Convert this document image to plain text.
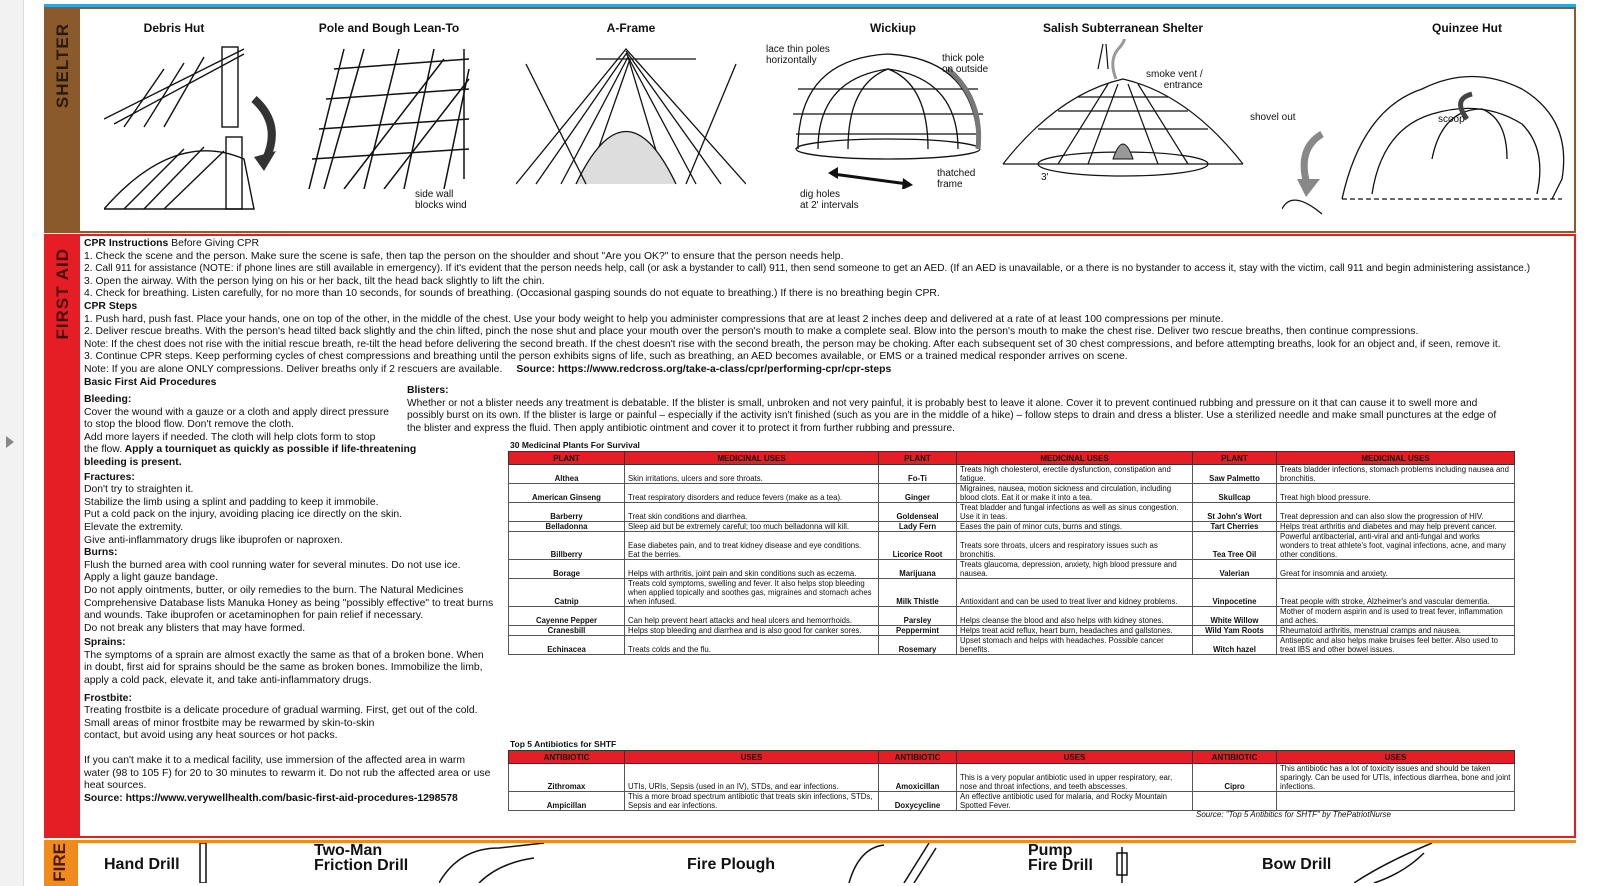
SHELTER	Debris Hut
side wall
blocks wind
Pole and Bough Lean-To	A-Frame	Wickiup
lace thin poles
horizontally	thick pole
on outside
thatched
frame
dig holes
at 2' intervals
Salish Subterranean Shelter
smoke vent /
entrance
3'
Quinzee Hut
shovel out	scoop
FIRST AID
CPR Instructions Before Giving CPR
1. Check the scene and the person. Make sure the scene is safe, then tap the person on the shoulder and shout "Are you OK?" to ensure that the person needs help.
2. Call 911 for assistance (NOTE: if phone lines are still available in emergency). If it's evident that the person needs help, call (or ask a bystander to call) 911, then send someone to get an AED. (If an AED is unavailable, or a there is no bystander to access it, stay with the victim, call 911 and begin administering assistance.)
3. Open the airway. With the person lying on his or her back, tilt the head back slightly to lift the chin.
4. Check for breathing. Listen carefully, for no more than 10 seconds, for sounds of breathing. (Occasional gasping sounds do not equate to breathing.) If there is no breathing begin CPR.
CPR Steps
1. Push hard, push fast. Place your hands, one on top of the other, in the middle of the chest. Use your body weight to help you administer compressions that are at least 2 inches deep and delivered at a rate of at least 100 compressions per minute.
2. Deliver rescue breaths. With the person's head tilted back slightly and the chin lifted, pinch the nose shut and place your mouth over the person's mouth to make a complete seal. Blow into the person's mouth to make the chest rise. Deliver two rescue breaths, then continue compressions.
Note: If the chest does not rise with the initial rescue breath, re-tilt the head before delivering the second breath. If the chest doesn't rise with the second breath, the person may be choking. After each subsequent set of 30 chest compressions, and before attempting breaths, look for an object and, if seen, remove it.
3. Continue CPR steps. Keep performing cycles of chest compressions and breathing until the person exhibits signs of life, such as breathing, an AED becomes available, or EMS or a trained medical responder arrives on scene.
Note: If you are alone ONLY compressions. Deliver breaths only if 2 rescuers are available. Source: https://www.redcross.org/take-a-class/cpr/performing-cpr/cpr-steps
Basic First Aid Procedures
Bleeding:
Cover the wound with a gauze or a cloth and apply direct pressure
to stop the blood flow. Don't remove the cloth.
Add more layers if needed. The cloth will help clots form to stop
the flow. Apply a tourniquet as quickly as possible if life-threatening
bleeding is present.
Fractures:
Don't try to straighten it.
Stabilize the limb using a splint and padding to keep it immobile.
Put a cold pack on the injury, avoiding placing ice directly on the skin.
Elevate the extremity.
Give anti-inflammatory drugs like ibuprofen or naproxen.
Burns:
Flush the burned area with cool running water for several minutes. Do not use ice.
Apply a light gauze bandage.
Do not apply ointments, butter, or oily remedies to the burn. The Natural Medicines
Comprehensive Database lists Manuka Honey as being "possibly effective" to treat burns
and wounds. Take ibuprofen or acetaminophen for pain relief if necessary.
Do not break any blisters that may have formed.
Sprains:
The symptoms of a sprain are almost exactly the same as that of a broken bone. When
in doubt, first aid for sprains should be the same as broken bones. Immobilize the limb,
apply a cold pack, elevate it, and take anti-inflammatory drugs.
Frostbite:
Treating frostbite is a delicate procedure of gradual warming. First, get out of the cold.
Small areas of minor frostbite may be rewarmed by skin-to-skin
contact, but avoid using any heat sources or hot packs.
If you can't make it to a medical facility, use immersion of the affected area in warm
water (98 to 105 F) for 20 to 30 minutes to rewarm it. Do not rub the affected area or use
heat sources.
Source: https://www.verywellhealth.com/basic-first-aid-procedures-1298578
Blisters:
Whether or not a blister needs any treatment is debatable. If the blister is small, unbroken and not very painful, it is probably best to leave it alone. Cover it to prevent continued rubbing and pressure on it that can cause it to swell more and
possibly burst on its own. If the blister is large or painful – especially if the activity isn't finished (such as you are in the middle of a hike) – follow steps to drain and dress a blister. Use a sterilized needle and make small punctures at the edge of
the blister and express the fluid. Then apply antibiotic ointment and cover it to protect it from further rubbing and pressure.
30 Medicinal Plants For Survival
PLANT	MEDICINAL USES	PLANT	MEDICINAL USES	PLANT	MEDICINAL USES
Althea	Skin irritations, ulcers and sore throats.	Fo-Ti	Treats high cholesterol, erectile dysfunction, constipation and fatigue.	Saw Palmetto	Treats bladder infections, stomach problems including nausea and bronchitis.
American Ginseng	Treat respiratory disorders and reduce fevers (make as a tea).	Ginger	Migraines, nausea, motion sickness and circulation, including blood clots. Eat it or make it into a tea.	Skullcap	Treat high blood pressure.
Barberry	Treat skin conditions and diarrhea.	Goldenseal	Treat bladder and fungal infections as well as sinus congestion. Use it in teas.	St John's Wort	Treat depression and can also slow the progression of HIV.
Belladonna	Sleep aid but be extremely careful; too much belladonna will kill.	Lady Fern	Eases the pain of minor cuts, burns and stings.	Tart Cherries	Helps treat arthritis and diabetes and may help prevent cancer.
Billberry	Ease diabetes pain, and to treat kidney disease and eye conditions. Eat the berries.	Licorice Root	Treats sore throats, ulcers and respiratory issues such as bronchitis.	Tea Tree Oil	Powerful antibacterial, anti-viral and anti-fungal and works wonders to treat athlete's foot, vaginal infections, acne, and many other conditions.
Borage	Helps with arthritis, joint pain and skin conditions such as eczema.	Marijuana	Treats glaucoma, depression, anxiety, high blood pressure and nausea.	Valerian	Great for insomnia and anxiety.
Catnip	Treats cold symptoms, swelling and fever. It also helps stop bleeding when applied topically and soothes gas, migraines and stomach aches when infused.	Milk Thistle	Antioxidant and can be used to treat liver and kidney problems.	Vinpocetine	Treat people with stroke, Alzheimer's and vascular dementia.
Cayenne Pepper	Can help prevent heart attacks and heal ulcers and hemorrhoids.	Parsley	Helps cleanse the blood and also helps with kidney stones.	White Willow	Mother of modern aspirin and is used to treat fever, inflammation and aches.
Cranesbill	Helps stop bleeding and diarrhea and is also good for canker sores.	Peppermint	Helps treat acid reflux, heart burn, headaches and gallstones.	Wild Yam Roots	Rheumatoid arthritis, menstrual cramps and nausea.
Echinacea	Treats colds and the flu.	Rosemary	Upset stomach and helps with headaches. Possible cancer benefits.	Witch hazel	Antiseptic and also helps make bruises feel better. Also used to treat IBS and other bowel issues.
Top 5 Antibiotics for SHTF
ANTIBIOTIC	USES	ANTIBIOTIC	USES	ANTIBIOTIC	USES
Zithromax	UTIs, URIs, Sepsis (used in an IV), STDs, and ear infections.	Amoxicillan	This is a very popular antibiotic used in upper respiratory, ear, nose and throat infections, and teeth abscesses.	Cipro	This antibiotic has a lot of toxicity issues and should be taken sparingly. Can be used for UTIs, infectious diarrhea, bone and joint infections.
Ampicillan	This a more broad spectrum antibiotic that treats skin infections, STDs, Sepsis and ear infections.	Doxycycline	An effective antibiotic used for malaria, and Rocky Mountain Spotted Fever.		
Source: "Top 5 Antibitics for SHTF" by ThePatriotNurse
FIRE Hand Drill
Two-Man
Friction Drill	Fire Plough
Pump
Fire Drill	Bow Drill
